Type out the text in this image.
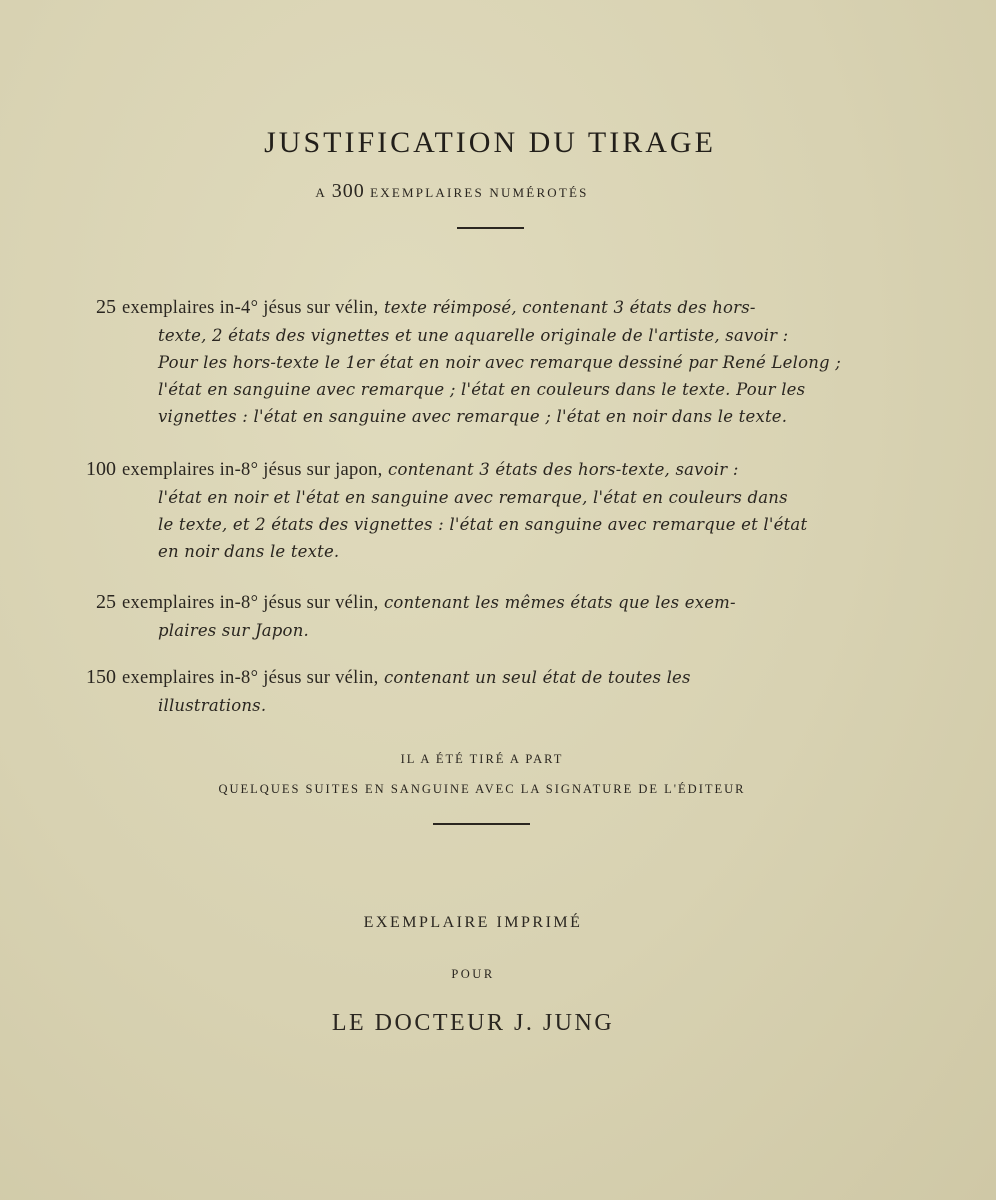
JUSTIFICATION DU TIRAGE
A 300 EXEMPLAIRES NUMÉROTÉS
25 exemplaires in-4° jésus sur vélin, texte réimposé, contenant 3 états des hors-
texte, 2 états des vignettes et une aquarelle originale de l'artiste, savoir :
Pour les hors-texte le 1er état en noir avec remarque dessiné par René Lelong ;
l'état en sanguine avec remarque ; l'état en couleurs dans le texte. Pour les
vignettes : l'état en sanguine avec remarque ; l'état en noir dans le texte.
100 exemplaires in-8° jésus sur japon, contenant 3 états des hors-texte, savoir :
l'état en noir et l'état en sanguine avec remarque, l'état en couleurs dans
le texte, et 2 états des vignettes : l'état en sanguine avec remarque et l'état
en noir dans le texte.
25 exemplaires in-8° jésus sur vélin, contenant les mêmes états que les exem-
plaires sur Japon.
150 exemplaires in-8° jésus sur vélin, contenant un seul état de toutes les
illustrations.
IL A ÉTÉ TIRÉ A PART
QUELQUES SUITES EN SANGUINE AVEC LA SIGNATURE DE L'ÉDITEUR
EXEMPLAIRE IMPRIMÉ
POUR
LE DOCTEUR J. JUNG
